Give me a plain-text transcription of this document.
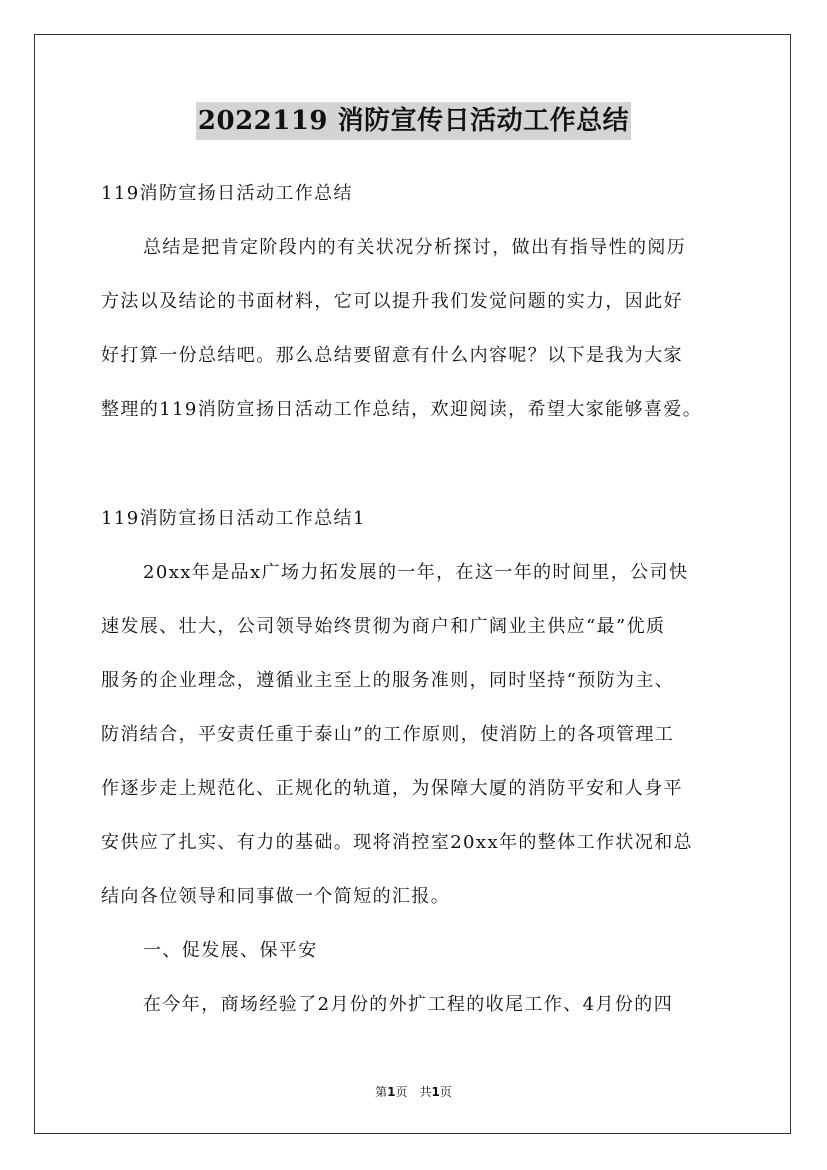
2022119 消防宣传日活动工作总结
119消防宣扬日活动工作总结
总结是把肯定阶段内的有关状况分析探讨，做出有指导性的阅历
方法以及结论的书面材料，它可以提升我们发觉问题的实力，因此好
好打算一份总结吧。那么总结要留意有什么内容呢？以下是我为大家
整理的119消防宣扬日活动工作总结，欢迎阅读，希望大家能够喜爱。
119消防宣扬日活动工作总结1
20xx年是品x广场力拓发展的一年，在这一年的时间里，公司快
速发展、壮大，公司领导始终贯彻为商户和广阔业主供应“最”优质
服务的企业理念，遵循业主至上的服务准则，同时坚持“预防为主、
防消结合，平安责任重于泰山”的工作原则，使消防上的各项管理工
作逐步走上规范化、正规化的轨道，为保障大厦的消防平安和人身平
安供应了扎实、有力的基础。现将消控室20xx年的整体工作状况和总
结向各位领导和同事做一个简短的汇报。
一、促发展、保平安
在今年，商场经验了2月份的外扩工程的收尾工作、4月份的四
第1页　共1页
